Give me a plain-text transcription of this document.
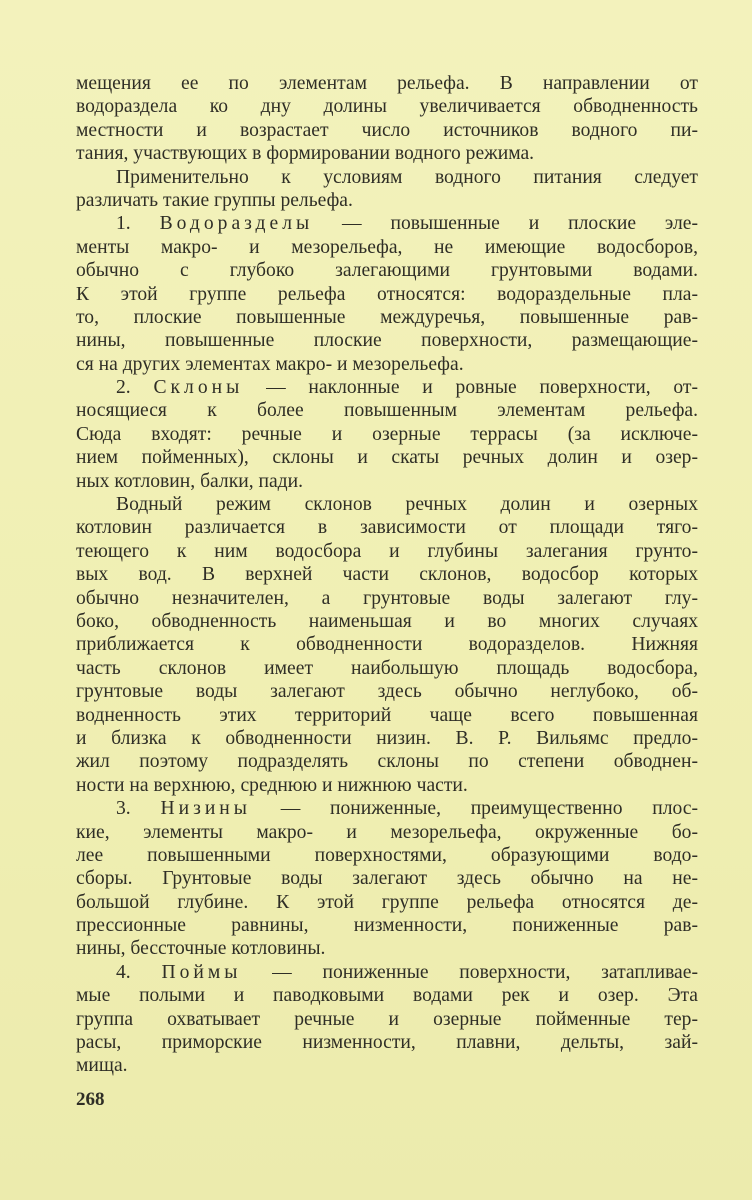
мещения ее по элементам рельефа. В направлении от
водораздела ко дну долины увеличивается обводненность
местности и возрастает число источников водного пи-
тания, участвующих в формировании водного режима.
Применительно к условиям водного питания следует
различать такие группы рельефа.
1. Водоразделы — повышенные и плоские эле-
менты макро- и мезорельефа, не имеющие водосборов,
обычно с глубоко залегающими грунтовыми водами.
К этой группе рельефа относятся: водораздельные пла-
то, плоские повышенные междуречья, повышенные рав-
нины, повышенные плоские поверхности, размещающие-
ся на других элементах макро- и мезорельефа.
2. Склоны — наклонные и ровные поверхности, от-
носящиеся к более повышенным элементам рельефа.
Сюда входят: речные и озерные террасы (за исключе-
нием пойменных), склоны и скаты речных долин и озер-
ных котловин, балки, пади.
Водный режим склонов речных долин и озерных
котловин различается в зависимости от площади тяго-
теющего к ним водосбора и глубины залегания грунто-
вых вод. В верхней части склонов, водосбор которых
обычно незначителен, а грунтовые воды залегают глу-
боко, обводненность наименьшая и во многих случаях
приближается к обводненности водоразделов. Нижняя
часть склонов имеет наибольшую площадь водосбора,
грунтовые воды залегают здесь обычно неглубоко, об-
водненность этих территорий чаще всего повышенная
и близка к обводненности низин. В. Р. Вильямс предло-
жил поэтому подразделять склоны по степени обводнен-
ности на верхнюю, среднюю и нижнюю части.
3. Низины — пониженные, преимущественно плос-
кие, элементы макро- и мезорельефа, окруженные бо-
лее повышенными поверхностями, образующими водо-
сборы. Грунтовые воды залегают здесь обычно на не-
большой глубине. К этой группе рельефа относятся де-
прессионные равнины, низменности, пониженные рав-
нины, бессточные котловины.
4. Поймы — пониженные поверхности, затапливае-
мые полыми и паводковыми водами рек и озер. Эта
группа охватывает речные и озерные пойменные тер-
расы, приморские низменности, плавни, дельты, зай-
мища.
268
